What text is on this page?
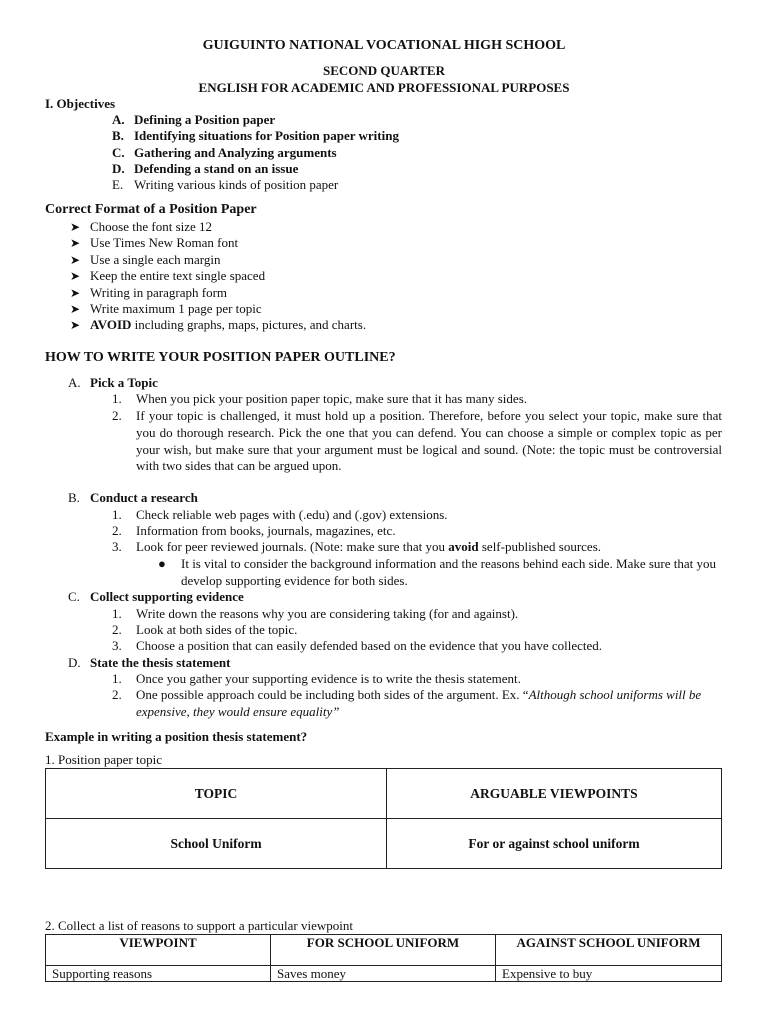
GUIGUINTO NATIONAL VOCATIONAL HIGH SCHOOL
SECOND QUARTER
ENGLISH FOR ACADEMIC AND PROFESSIONAL PURPOSES
I. Objectives
A. Defining a Position paper
B. Identifying situations for Position paper writing
C. Gathering and Analyzing arguments
D. Defending a stand on an issue
E. Writing various kinds of position paper
Correct Format of a Position Paper
➤ Choose the font size 12
➤ Use Times New Roman font
➤ Use a single each margin
➤ Keep the entire text single spaced
➤ Writing in paragraph form
➤ Write maximum 1 page per topic
➤ AVOID including graphs, maps, pictures, and charts.
HOW TO WRITE YOUR POSITION PAPER OUTLINE?
A. Pick a Topic
1. When you pick your position paper topic, make sure that it has many sides.
2.	If your topic is challenged, it must hold up a position. Therefore, before you select your topic, make sure that you do thorough research. Pick the one that you can defend. You can choose a simple or complex topic as per your wish, but make sure that your argument must be logical and sound. (Note: the topic must be controversial with two sides that can be argued upon.
B. Conduct a research
1. Check reliable web pages with (.edu) and (.gov) extensions.
2. Information from books, journals, magazines, etc.
3. Look for peer reviewed journals. (Note: make sure that you avoid self-published sources.
● It is vital to consider the background information and the reasons behind each side. Make sure that you develop supporting evidence for both sides.
C. Collect supporting evidence
1. Write down the reasons why you are considering taking (for and against).
2. Look at both sides of the topic.
3. Choose a position that can easily defended based on the evidence that you have collected.
D. State the thesis statement
1. Once you gather your supporting evidence is to write the thesis statement.
2.	One possible approach could be including both sides of the argument. Ex. “Although school uniforms will be expensive, they would ensure equality”
Example in writing a position thesis statement?
1. Position paper topic
TOPIC	ARGUABLE VIEWPOINTS
School Uniform	For or against school uniform
2. Collect a list of reasons to support a particular viewpoint
VIEWPOINT	FOR SCHOOL UNIFORM	AGAINST SCHOOL UNIFORM
Supporting reasons	Saves money	Expensive to buy
